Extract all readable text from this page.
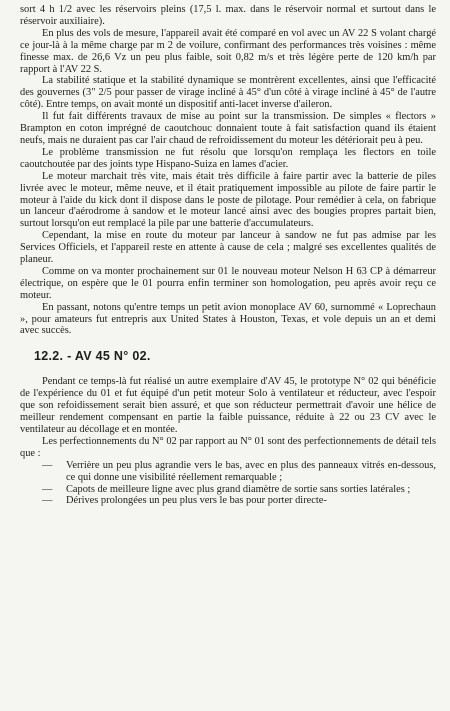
sort 4 h 1/2 avec les réservoirs pleins (17,5 l. max. dans le réservoir normal et surtout dans le réservoir auxiliaire).

En plus des vols de mesure, l'appareil avait été comparé en vol avec un AV 22 S volant chargé ce jour-là à la même charge par m 2 de voilure, confirmant des performances très voisines : même finesse max. de 26,6 Vz un peu plus faible, soit 0,82 m/s et très légère perte de 120 km/h par rapport à l'AV 22 S.

La stabilité statique et la stabilité dynamique se montrèrent excellentes, ainsi que l'efficacité des gouvernes (3" 2/5 pour passer de virage incliné à 45° d'un côté à virage incliné à 45° de l'autre côté). Entre temps, on avait monté un dispositif anti-lacet inverse d'aileron.

Il fut fait différents travaux de mise au point sur la transmission. De simples « flectors » Brampton en coton imprégné de caoutchouc donnaient toute à fait satisfaction quand ils étaient neufs, mais ne duraient pas car l'air chaud de refroidissement du moteur les détériorait peu à peu.

Le problème transmission ne fut résolu que lorsqu'on remplaça les flectors en toile caoutchoutée par des joints type Hispano-Suiza en lames d'acier.

Le moteur marchait très vite, mais était très difficile à faire partir avec la batterie de piles livrée avec le moteur, même neuve, et il était pratiquement impossible au pilote de faire partir le moteur à l'aide du kick dont il dispose dans le poste de pilotage. Pour remédier à cela, on fabrique un lanceur d'aérodrome à sandow et le moteur lancé ainsi avec des bougies propres partait bien, surtout lorsqu'on eut remplacé la pile par une batterie d'accumulateurs.

Cependant, la mise en route du moteur par lanceur à sandow ne fut pas admise par les Services Officiels, et l'appareil reste en attente à cause de cela ; malgré ses excellentes qualités de planeur.

Comme on va monter prochainement sur 01 le nouveau moteur Nelson H 63 CP à démarreur électrique, on espère que le 01 pourra enfin terminer son homologation, peu après avoir reçu ce moteur.

En passant, notons qu'entre temps un petit avion monoplace AV 60, surnommé « Loprechaun », pour amateurs fut entrepris aux United States à Houston, Texas, et vole depuis un an et demi avec succès.

12.2. - AV 45 N° 02.

Pendant ce temps-là fut réalisé un autre exemplaire d'AV 45, le prototype N° 02 qui bénéficie de l'expérience du 01 et fut équipé d'un petit moteur Solo à ventilateur et réducteur, avec l'espoir que son refoidissement serait bien assuré, et que son réducteur permettrait d'avoir une hélice de meilleur rendement compensant en partie la faible puissance, réduite à 22 ou 23 CV avec le ventilateur au décollage et en montée.

Les perfectionnements du N° 02 par rapport au N° 01 sont des perfectionnements de détail tels que :

— Verrière un peu plus agrandie vers le bas, avec en plus des panneaux vitrés en-dessous, ce qui donne une visibilité réellement remarquable ;
— Capots de meilleure ligne avec plus grand diamètre de sortie sans sorties latérales ;
— Dérives prolongées un peu plus vers le bas pour porter directe-
